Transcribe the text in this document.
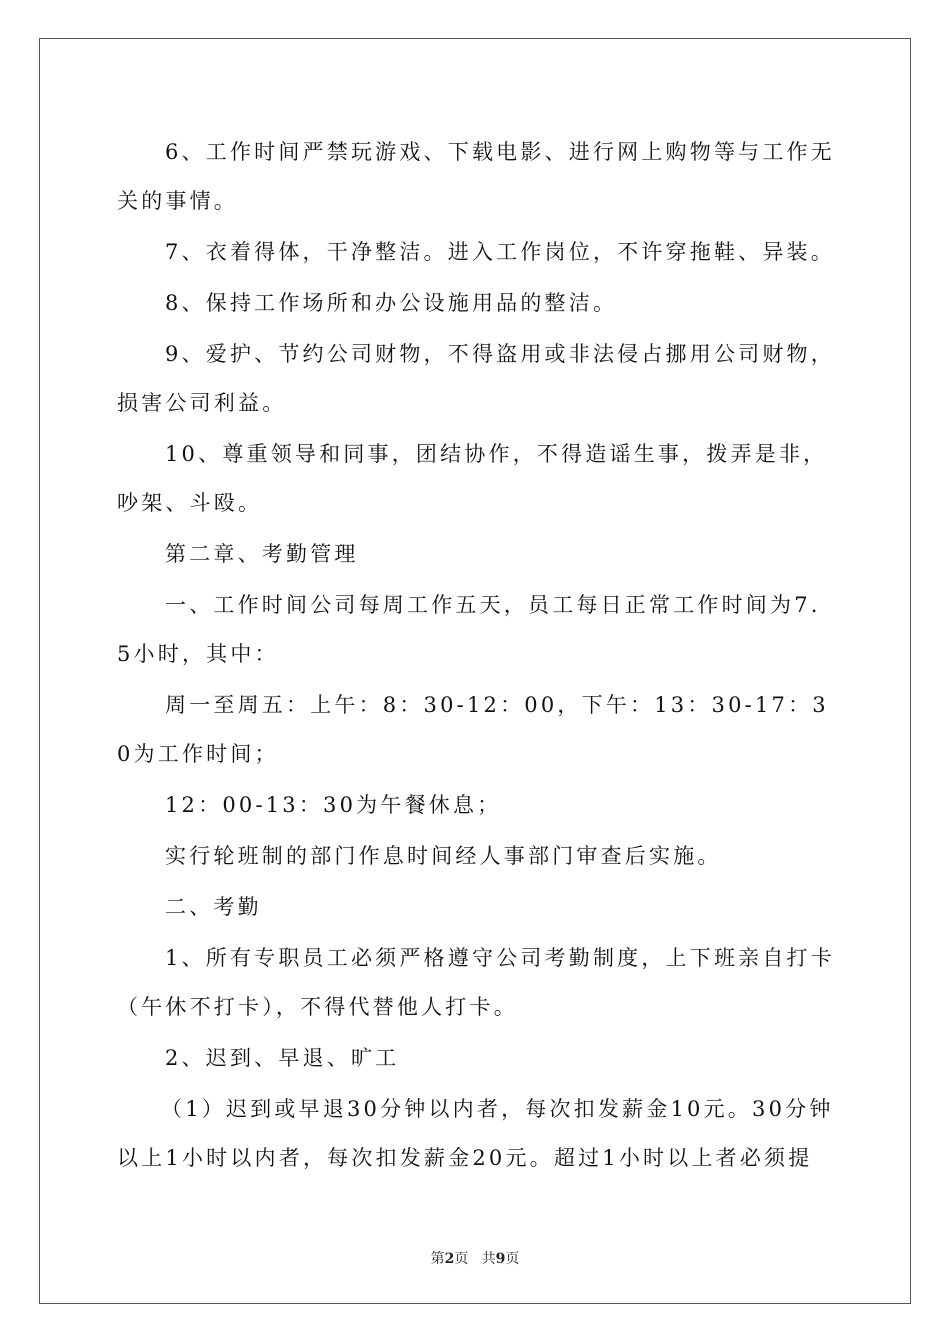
6、工作时间严禁玩游戏、下载电影、进行网上购物等与工作无关的事情。

7、衣着得体，干净整洁。进入工作岗位，不许穿拖鞋、异装。

8、保持工作场所和办公设施用品的整洁。

9、爱护、节约公司财物，不得盗用或非法侵占挪用公司财物，损害公司利益。

10、尊重领导和同事，团结协作，不得造谣生事，拨弄是非，吵架、斗殴。

第二章、考勤管理

一、工作时间公司每周工作五天，员工每日正常工作时间为7.5小时，其中：

周一至周五：上午：8：30-12：00，下午：13：30-17：30为工作时间；

12：00-13：30为午餐休息；

实行轮班制的部门作息时间经人事部门审查后实施。

二、考勤

1、所有专职员工必须严格遵守公司考勤制度，上下班亲自打卡（午休不打卡），不得代替他人打卡。

2、迟到、早退、旷工

（1）迟到或早退30分钟以内者，每次扣发薪金10元。30分钟以上1小时以内者，每次扣发薪金20元。超过1小时以上者必须提

第2页 共9页
